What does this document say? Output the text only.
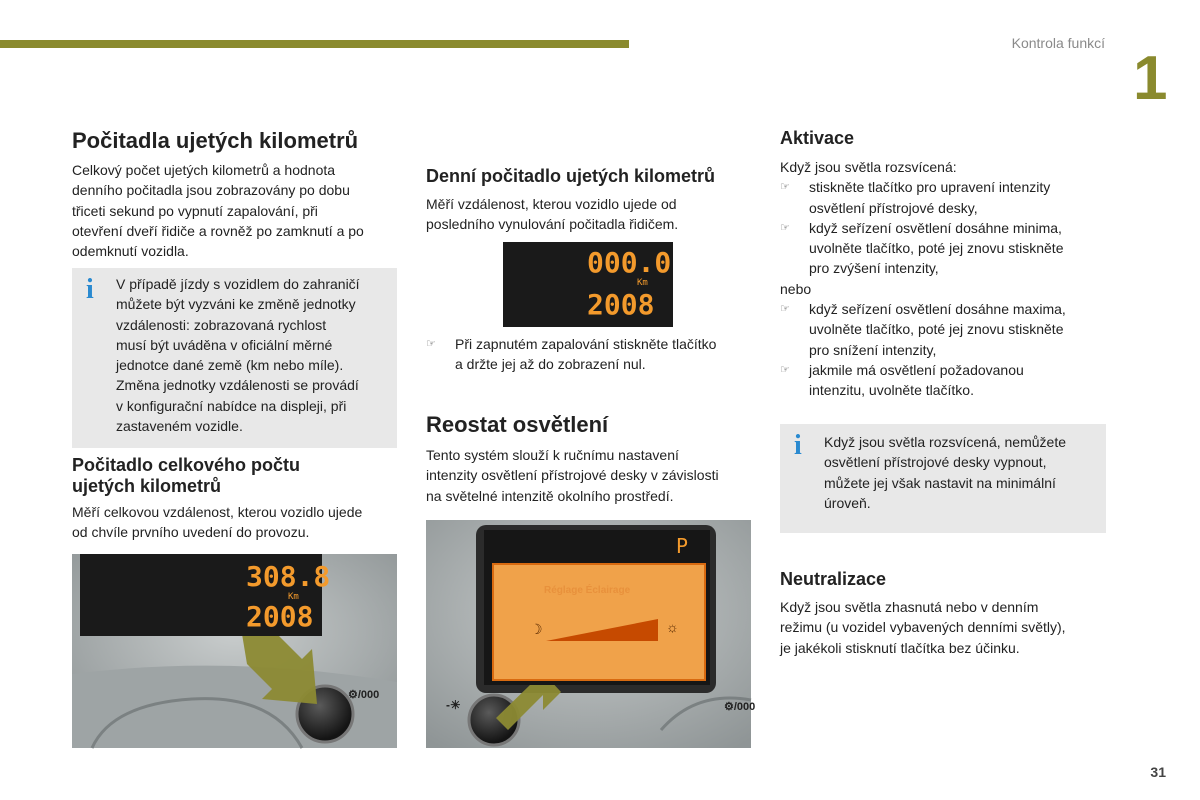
Kontrola funkcí
1
Počitadla ujetých kilometrů

Celkový počet ujetých kilometrů a hodnota

denního počitadla jsou zobrazovány po dobu

třiceti sekund po vypnutí zapalování, při

otevření dveří řidiče a rovněž po zamknutí a po

odemknutí vozidla.

i V případě jízdy s vozidlem do zahraničí

můžete být vyzváni ke změně jednotky

vzdálenosti: zobrazovaná rychlost

musí být uváděna v oficiální měrné

jednotce dané země (km nebo míle).

Změna jednotky vzdálenosti se provádí

v konfigurační nabídce na displeji, při

zastaveném vozidle.

Počitadlo celkového počtu
ujetých kilometrů

Měří celkovou vzdálenost, kterou vozidlo ujede

od chvíle prvního uvedení do provozu.

308.8
Km
2008
⚙/000
Denní počitadlo ujetých kilometrů

Měří vzdálenost, kterou vozidlo ujede od

posledního vynulování počitadla řidičem.

000.0
Km
2008
☞ Při zapnutém zapalování stiskněte tlačítko
a držte jej až do zobrazení nul.
Reostat osvětlení

Tento systém slouží k ručnímu nastavení

intenzity osvětlení přístrojové desky v závislosti

na světelné intenzitě okolního prostředí.

P
Réglage Éclairage
☽	☼
-☀	⚙/000
Aktivace

Když jsou světla rozsvícená:

☞ stiskněte tlačítko pro upravení intenzity
osvětlení přístrojové desky,
☞ když seřízení osvětlení dosáhne minima,
uvolněte tlačítko, poté jej znovu stiskněte
pro zvýšení intenzity,

nebo

☞ když seřízení osvětlení dosáhne maxima,
uvolněte tlačítko, poté jej znovu stiskněte
pro snížení intenzity,
☞ jakmile má osvětlení požadovanou
intenzitu, uvolněte tlačítko.
i Když jsou světla rozsvícená, nemůžete

osvětlení přístrojové desky vypnout,

můžete jej však nastavit na minimální

úroveň.

Neutralizace

Když jsou světla zhasnutá nebo v denním

režimu (u vozidel vybavených denními světly),

je jakékoli stisknutí tlačítka bez účinku.

31
